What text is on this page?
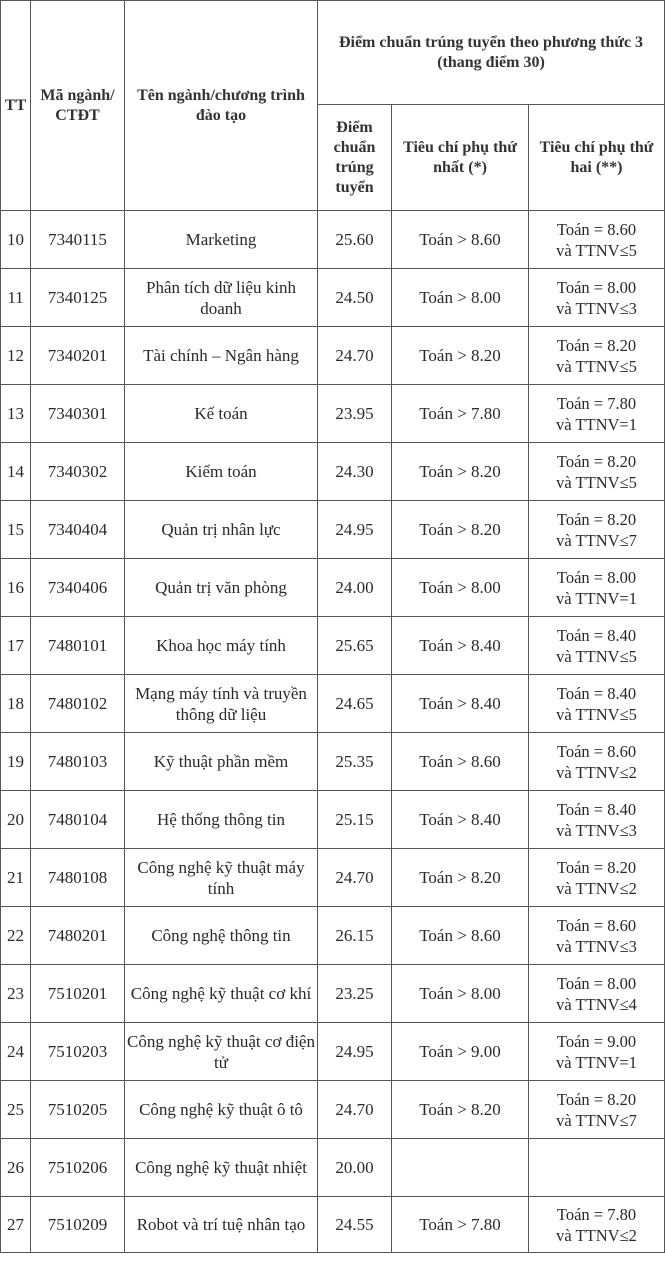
TT	Mã ngành/ CTĐT	Tên ngành/chương trình đào tạo	Điểm chuẩn trúng tuyển theo phương thức 3 (thang điểm 30)		
			Điểm chuẩn trúng tuyển	Tiêu chí phụ thứ nhất (*)	Tiêu chí phụ thứ hai (**)
10	7340115	Marketing	25.60	Toán > 8.60	Toán = 8.60
và TTNV≤5

11	7340125	Phân tích dữ liệu kinh doanh	24.50	Toán > 8.00	Toán = 8.00
và TTNV≤3

12	7340201	Tài chính – Ngân hàng	24.70	Toán > 8.20	Toán = 8.20
và TTNV≤5

13	7340301	Kế toán	23.95	Toán > 7.80	Toán = 7.80
và TTNV=1

14	7340302	Kiểm toán	24.30	Toán > 8.20	Toán = 8.20
và TTNV≤5

15	7340404	Quản trị nhân lực	24.95	Toán > 8.20	Toán = 8.20
và TTNV≤7

16	7340406	Quản trị văn phòng	24.00	Toán > 8.00	Toán = 8.00
và TTNV=1

17	7480101	Khoa học máy tính	25.65	Toán > 8.40	Toán = 8.40
và TTNV≤5

18	7480102	Mạng máy tính và truyền thông dữ liệu	24.65	Toán > 8.40	Toán = 8.40
và TTNV≤5

19	7480103	Kỹ thuật phần mềm	25.35	Toán > 8.60	Toán = 8.60
và TTNV≤2

20	7480104	Hệ thống thông tin	25.15	Toán > 8.40	Toán = 8.40
và TTNV≤3

21	7480108	Công nghệ kỹ thuật máy tính	24.70	Toán > 8.20	Toán = 8.20
và TTNV≤2

22	7480201	Công nghệ thông tin	26.15	Toán > 8.60	Toán = 8.60
và TTNV≤3

23	7510201	Công nghệ kỹ thuật cơ khí	23.25	Toán > 8.00	Toán = 8.00
và TTNV≤4

24	7510203	Công nghệ kỹ thuật cơ điện tử	24.95	Toán > 9.00	Toán = 9.00
và TTNV=1

25	7510205	Công nghệ kỹ thuật ô tô	24.70	Toán > 8.20	Toán = 8.20
và TTNV≤7

26	7510206	Công nghệ kỹ thuật nhiệt	20.00		

27	7510209	Robot và trí tuệ nhân tạo	24.55	Toán > 7.80	Toán = 7.80
và TTNV≤2
